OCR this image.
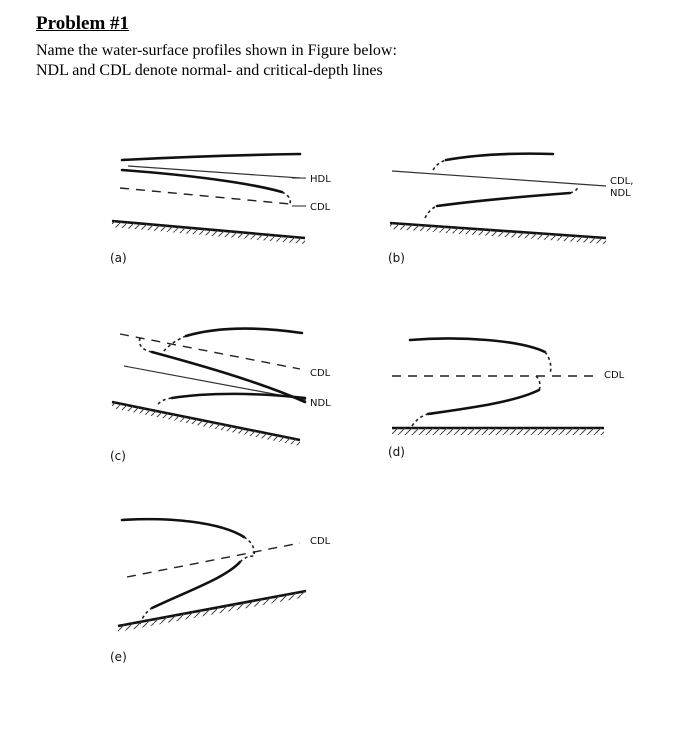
Problem #1
Name the water-surface profiles shown in Figure below:
NDL and CDL denote normal- and critical-depth lines
HDL
CDL
(a)
CDL,
NDL
(b)
CDL
NDL
(c)
CDL
(d)
CDL
(e)
